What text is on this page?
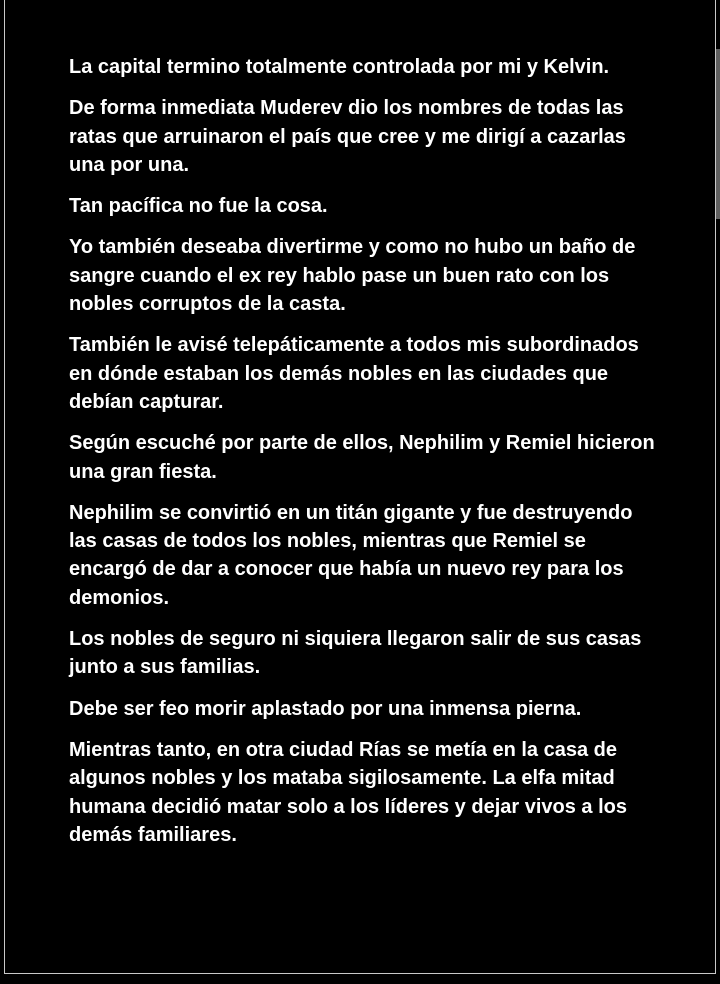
La capital termino totalmente controlada por mi y Kelvin.

De forma inmediata Muderev dio los nombres de todas las ratas que arruinaron el país que cree y me dirigí a cazarlas una por una.

Tan pacífica no fue la cosa.

Yo también deseaba divertirme y como no hubo un baño de sangre cuando el ex rey hablo pase un buen rato con los nobles corruptos de la casta.

También le avisé telepáticamente a todos mis subordinados en dónde estaban los demás nobles en las ciudades que debían capturar.

Según escuché por parte de ellos, Nephilim y Remiel hicieron una gran fiesta.

Nephilim se convirtió en un titán gigante y fue destruyendo las casas de todos los nobles, mientras que Remiel se encargó de dar a conocer que había un nuevo rey para los demonios.

Los nobles de seguro ni siquiera llegaron salir de sus casas junto a sus familias.

Debe ser feo morir aplastado por una inmensa pierna.

Mientras tanto, en otra ciudad Rías se metía en la casa de algunos nobles y los mataba sigilosamente. La elfa mitad humana decidió matar solo a los líderes y dejar vivos a los demás familiares.
